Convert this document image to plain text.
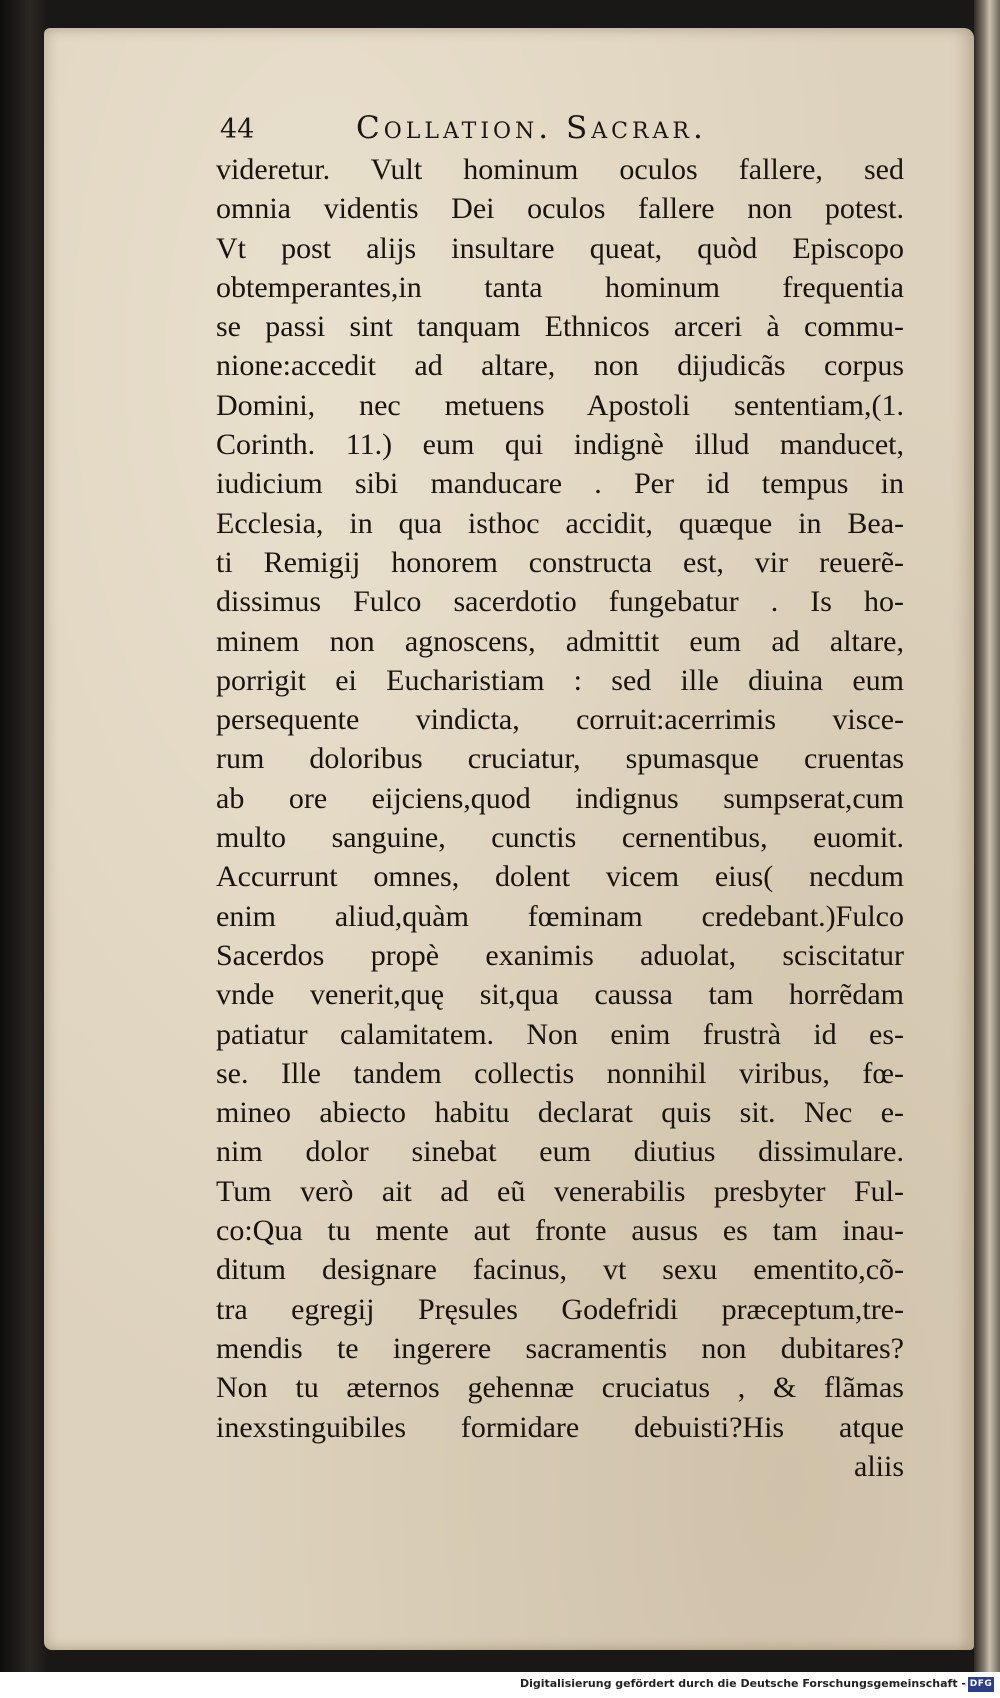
44	Collation. Sacrar.
videretur. Vult hominum oculos fallere, sed
omnia videntis Dei oculos fallere non potest.
Vt post alijs insultare queat, quòd Episcopo
obtemperantes,in tanta hominum frequentia
se passi sint tanquam Ethnicos arceri à commu-
nione:accedit ad altare, non dijudicãs corpus
Domini, nec metuens Apostoli sententiam,(1.
Corinth. 11.) eum qui indignè illud manducet,
iudicium sibi manducare . Per id tempus in
Ecclesia, in qua isthoc accidit, quæque in Bea-
ti Remigij honorem constructa est, vir reuerẽ-
dissimus Fulco sacerdotio fungebatur . Is ho-
minem non agnoscens, admittit eum ad altare,
porrigit ei Eucharistiam : sed ille diuina eum
persequente vindicta, corruit:acerrimis visce-
rum doloribus cruciatur, spumasque cruentas
ab ore eijciens,quod indignus sumpserat,cum
multo sanguine, cunctis cernentibus, euomit.
Accurrunt omnes, dolent vicem eius( necdum
enim aliud,quàm fœminam credebant.)Fulco
Sacerdos propè exanimis aduolat, sciscitatur
vnde venerit,quę sit,qua caussa tam horrẽdam
patiatur calamitatem. Non enim frustrà id es-
se. Ille tandem collectis nonnihil viribus, fœ-
mineo abiecto habitu declarat quis sit. Nec e-
nim dolor sinebat eum diutius dissimulare.
Tum verò ait ad eũ venerabilis presbyter Ful-
co:Qua tu mente aut fronte ausus es tam inau-
ditum designare facinus, vt sexu ementito,cõ-
tra egregij Pręsules Godefridi præceptum,tre-
mendis te ingerere sacramentis non dubitares?
Non tu æternos gehennæ cruciatus , & flãmas
inexstinguibiles formidare debuisti?His atque
aliis
Digitalisierung gefördert durch die Deutsche Forschungsgemeinschaft - DFG
